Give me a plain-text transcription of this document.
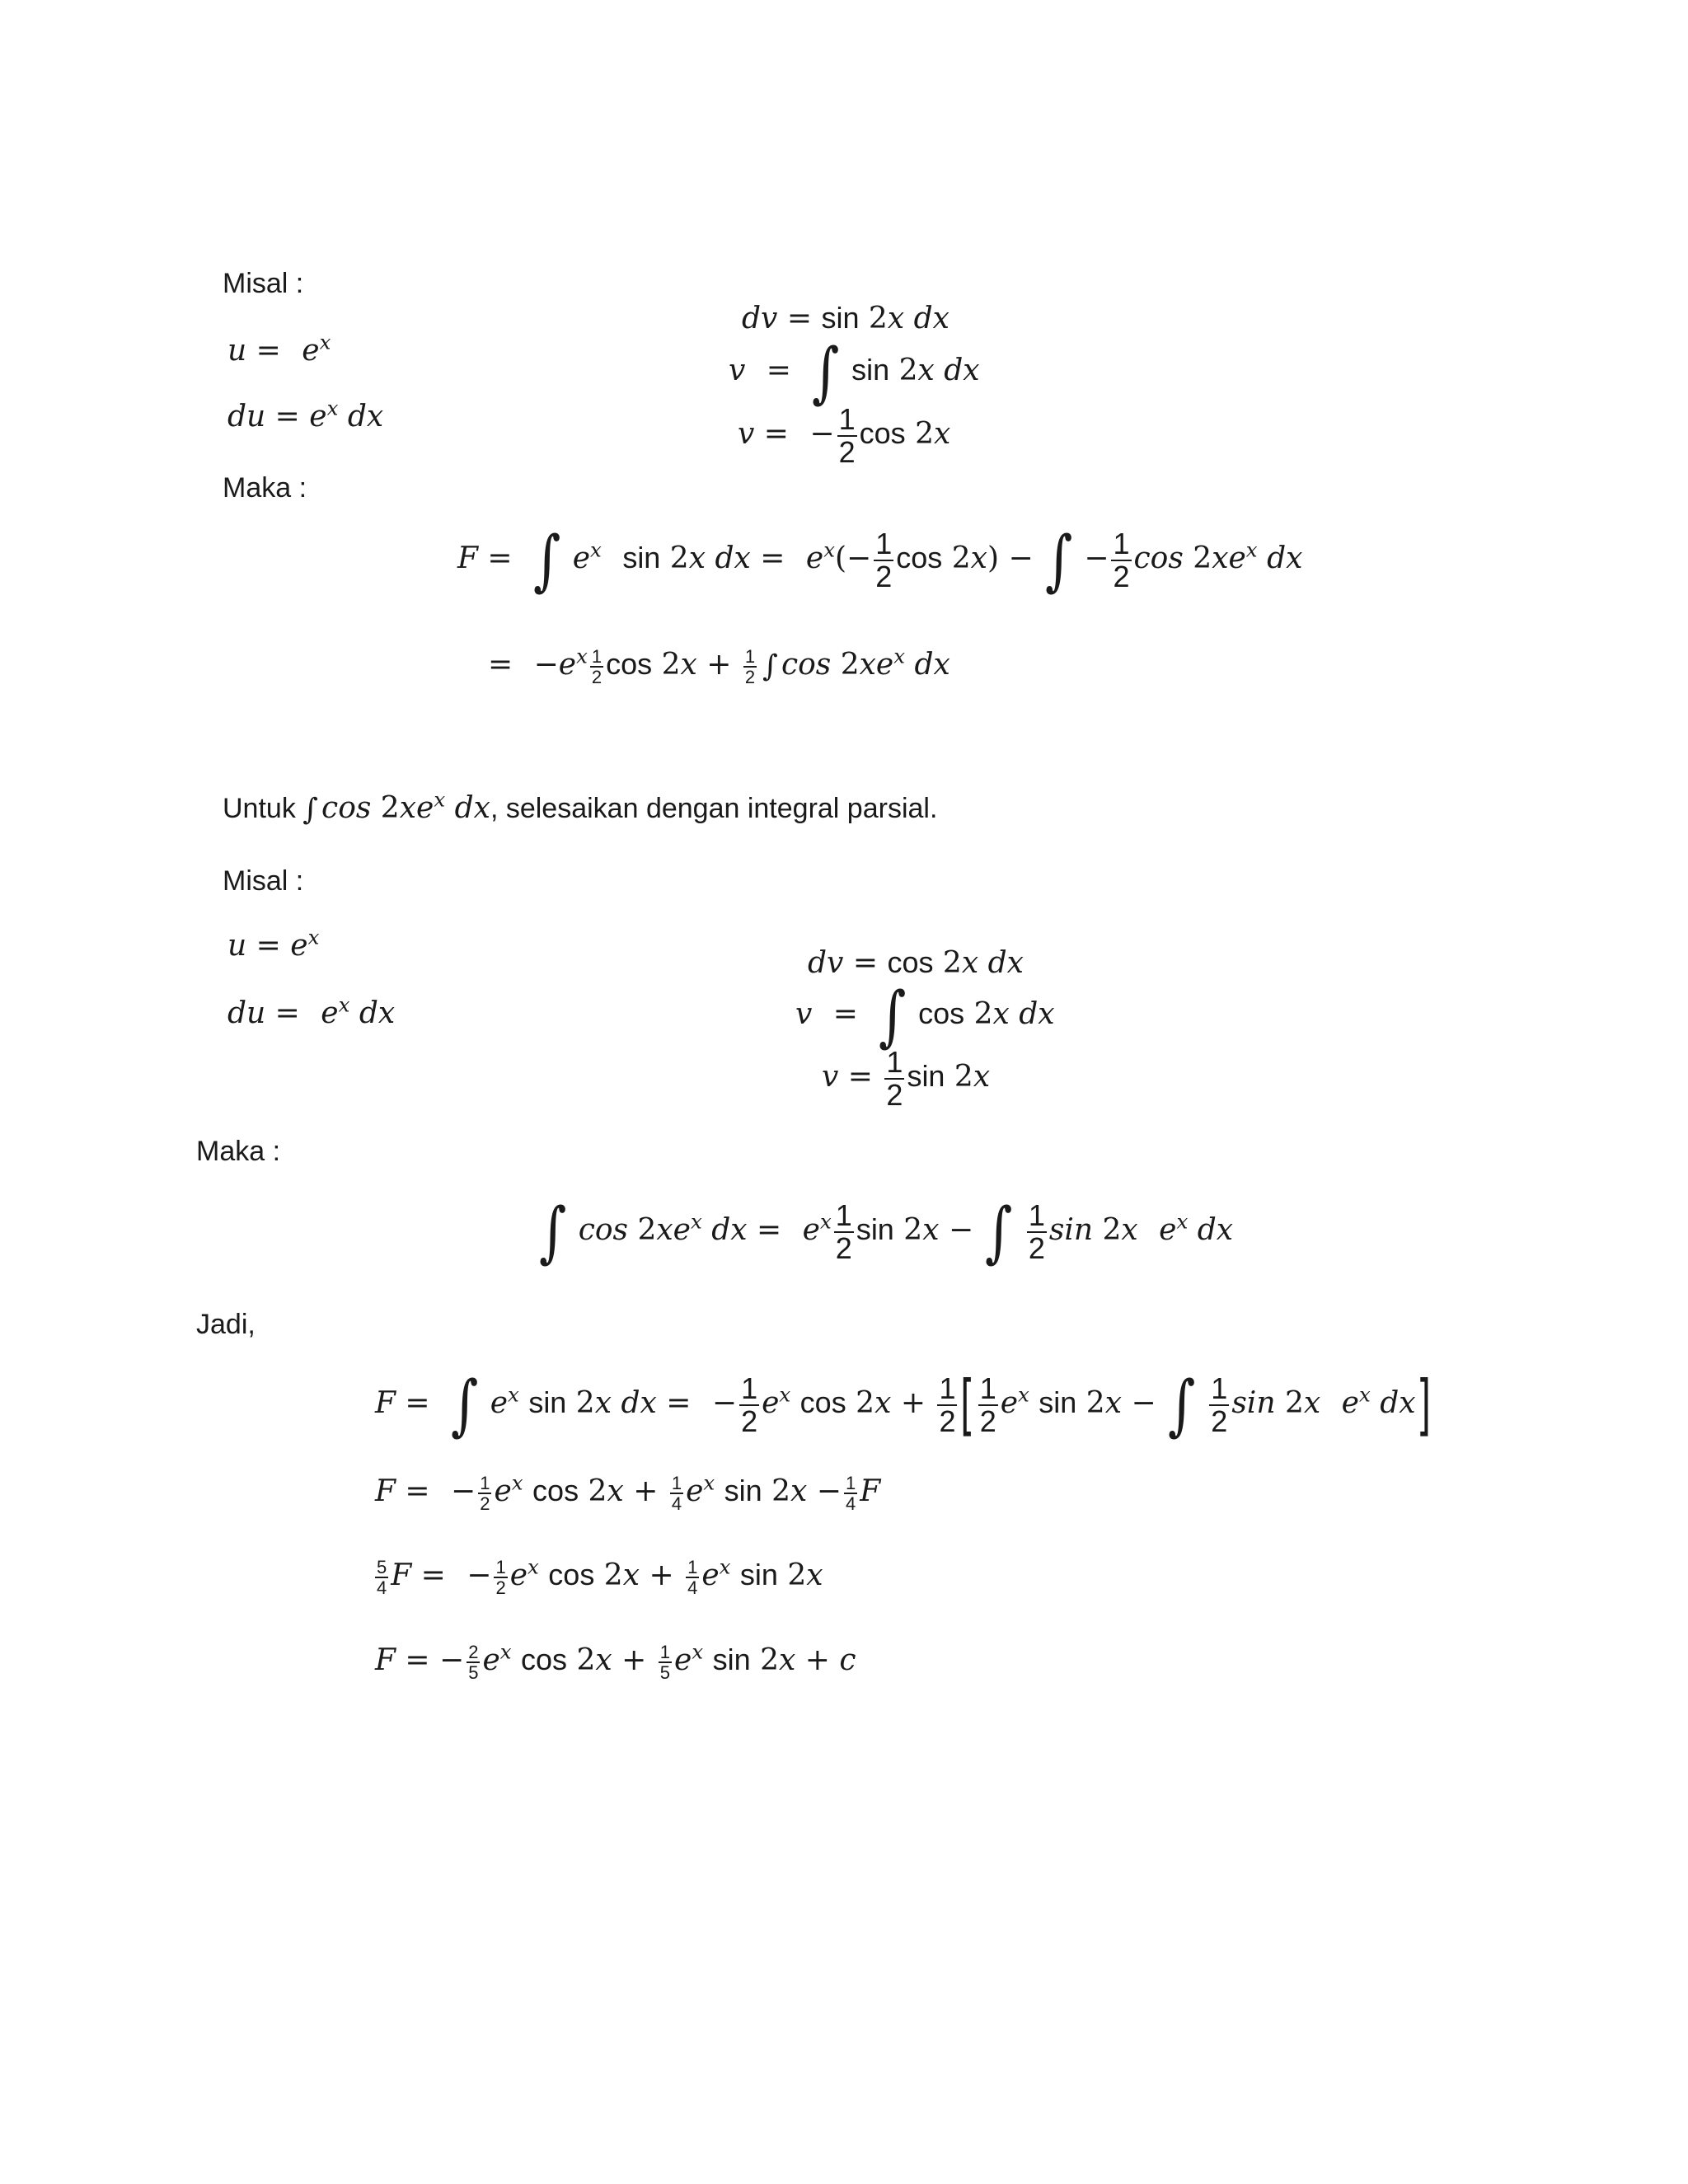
Misal :
$u = e^x$
du = $e^x$ dx
dv = sin 2x dx
v = ∫ sin 2x dx
v = − $\frac{1}{2}$ cos 2x
Maka :
F = ∫ $e^x$ sin 2x dx = $e^x(- \frac{1}{2}$ cos 2x) − ∫ − $\frac{1}{2}$ $\cos 2xe^x$ dx
= $-e^x \frac{1}{2}$ $\cos 2x + \frac{1}{2}$ ∫ $\cos 2xe^x$ dx
Untuk ∫ $\cos 2xe^x$ dx, selesaikan dengan integral parsial.
Misal :
$u = e^x$
du = $e^x$ dx
dv = cos 2x dx
v = ∫ cos 2x dx
$v = \frac{1}{2}$ sin 2x
Maka :
∫ $\cos 2xe^x$ dx = $e^x \frac{1}{2}$ sin 2x − ∫ $\frac{1}{2}$ sin 2x $e^x$ dx
Jadi,
F = ∫ $e^x$ sin 2x dx = − $\frac{1}{2} e^x$ $\cos 2x + \frac{1}{2}$ [ $\frac{1}{2} e^x$ sin 2x − ∫ $\frac{1}{2}$ sin 2x $e^x$ dx]
F = − $\frac{1}{2} e^x$ $\cos 2x + \frac{1}{4} e^x$ $\sin 2x - \frac{1}{4}$ F
$\frac{5}{4}$ F = − $\frac{1}{2} e^x$ $\cos 2x + \frac{1}{4} e^x$ sin 2x
F = − $\frac{2}{5} e^x$ $\cos 2x + \frac{1}{5} e^x$ sin 2x + c
